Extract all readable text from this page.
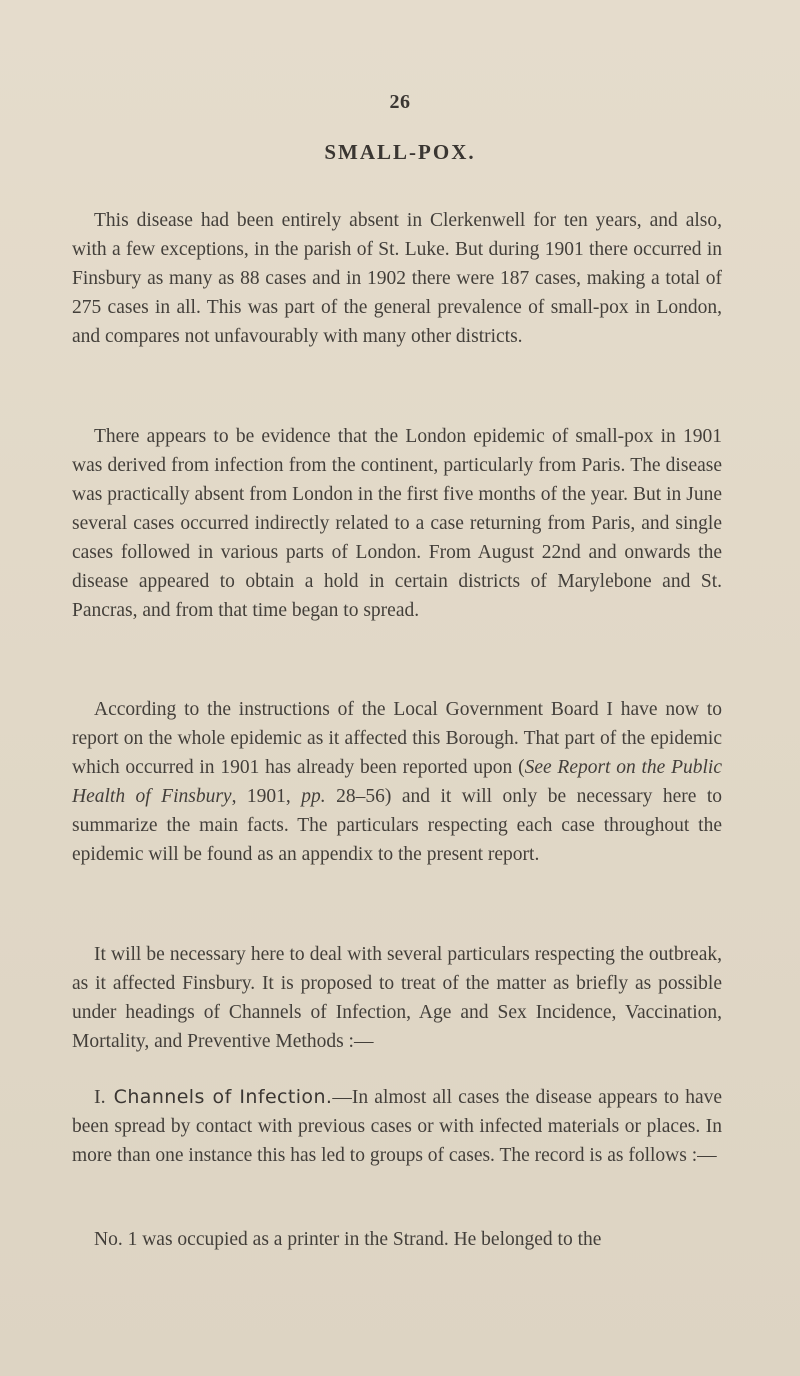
26
SMALL-POX.

This disease had been entirely absent in Clerkenwell for ten years, and also, with a few exceptions, in the parish of St. Luke. But during 1901 there occurred in Finsbury as many as 88 cases and in 1902 there were 187 cases, making a total of 275 cases in all. This was part of the general prevalence of small-pox in London, and compares not unfavourably with many other districts.

There appears to be evidence that the London epidemic of small-pox in 1901 was derived from infection from the continent, particularly from Paris. The disease was practically absent from London in the first five months of the year. But in June several cases occurred indirectly related to a case returning from Paris, and single cases followed in various parts of London. From August 22nd and onwards the disease appeared to obtain a hold in certain districts of Marylebone and St. Pancras, and from that time began to spread.

According to the instructions of the Local Government Board I have now to report on the whole epidemic as it affected this Borough. That part of the epidemic which occurred in 1901 has already been reported upon (See Report on the Public Health of Finsbury, 1901, pp. 28–56) and it will only be necessary here to summarize the main facts. The particulars respecting each case throughout the epidemic will be found as an appendix to the present report.

It will be necessary here to deal with several particulars respecting the outbreak, as it affected Finsbury. It is proposed to treat of the matter as briefly as possible under headings of Channels of Infection, Age and Sex Incidence, Vaccination, Mortality, and Preventive Methods :—

I. Channels of Infection.—In almost all cases the disease appears to have been spread by contact with previous cases or with infected materials or places. In more than one instance this has led to groups of cases. The record is as follows :—

No. 1 was occupied as a printer in the Strand. He belonged to the
